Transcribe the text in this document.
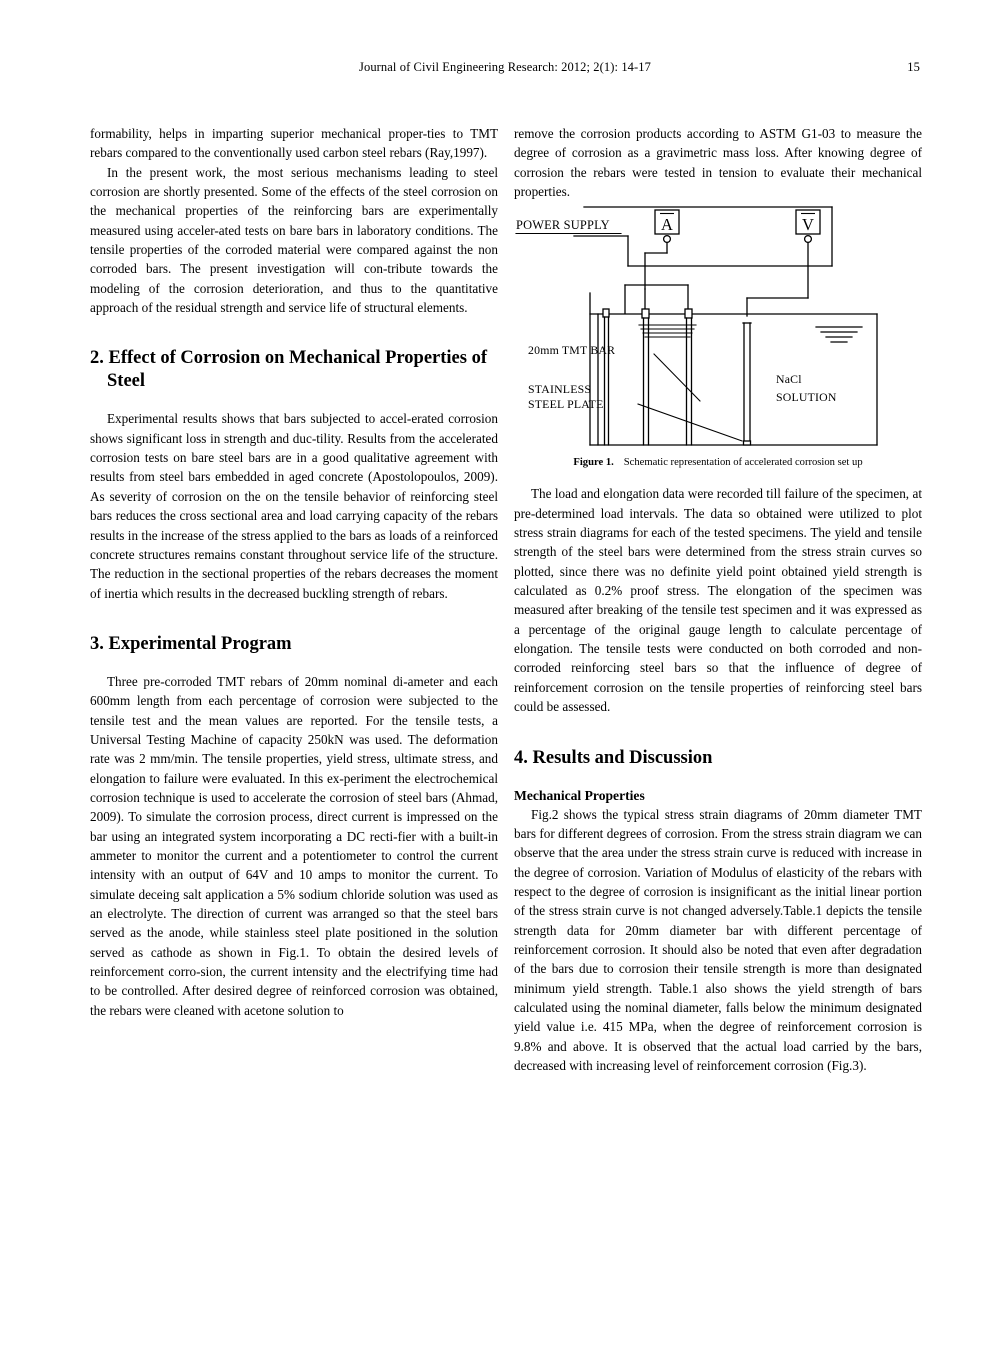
Journal of Civil Engineering Research: 2012; 2(1): 14-17	15

formability, helps in imparting superior mechanical proper-ties to TMT rebars compared to the conventionally used carbon steel rebars (Ray,1997).

In the present work, the most serious mechanisms leading to steel corrosion are shortly presented. Some of the effects of the steel corrosion on the mechanical properties of the reinforcing bars are experimentally measured using acceler-ated tests on bare bars in laboratory conditions. The tensile properties of the corroded material were compared against the non corroded bars. The present investigation will con-tribute towards the modeling of the corrosion deterioration, and thus to the quantitative approach of the residual strength and service life of structural elements.

2. Effect of Corrosion on Mechanical Properties of Steel

Experimental results shows that bars subjected to accel-erated corrosion shows significant loss in strength and duc-tility. Results from the accelerated corrosion tests on bare steel bars are in a good qualitative agreement with results from steel bars embedded in aged concrete (Apostolopoulos, 2009). As severity of corrosion on the on the tensile behavior of reinforcing steel bars reduces the cross sectional area and load carrying capacity of the rebars results in the increase of the stress applied to the bars as loads of a reinforced concrete structures remains constant throughout service life of the structure. The reduction in the sectional properties of the rebars decreases the moment of inertia which results in the decreased buckling strength of rebars.

3. Experimental Program

Three pre-corroded TMT rebars of 20mm nominal di-ameter and each 600mm length from each percentage of corrosion were subjected to the tensile test and the mean values are reported. For the tensile tests, a Universal Testing Machine of capacity 250kN was used. The deformation rate was 2 mm/min. The tensile properties, yield stress, ultimate stress, and elongation to failure were evaluated. In this ex-periment the electrochemical corrosion technique is used to accelerate the corrosion of steel bars (Ahmad, 2009). To simulate the corrosion process, direct current is impressed on the bar using an integrated system incorporating a DC recti-fier with a built-in ammeter to monitor the current and a potentiometer to control the current intensity with an output of 64V and 10 amps to monitor the current. To simulate deceing salt application a 5% sodium chloride solution was used as an electrolyte. The direction of current was arranged so that the steel bars served as the anode, while stainless steel plate positioned in the solution served as cathode as shown in Fig.1. To obtain the desired levels of reinforcement corro-sion, the current intensity and the electrifying time had to be controlled. After desired degree of reinforced corrosion was obtained, the rebars were cleaned with acetone solution to

remove the corrosion products according to ASTM G1-03 to measure the degree of corrosion as a gravimetric mass loss. After knowing degree of corrosion the rebars were tested in tension to evaluate their mechanical properties.

POWER SUPPLY	A	V
20mm TMT BAR
STAINLESS
STEEL PLATE
NaCl
SOLUTION
Figure 1. Schematic representation of accelerated corrosion set up

The load and elongation data were recorded till failure of the specimen, at pre-determined load intervals. The data so obtained were utilized to plot stress strain diagrams for each of the tested specimens. The yield and tensile strength of the steel bars were determined from the stress strain curves so plotted, since there was no definite yield point obtained yield strength is calculated as 0.2% proof stress. The elongation of the specimen was measured after breaking of the tensile test specimen and it was expressed as a percentage of the original gauge length to calculate percentage of elongation. The tensile tests were conducted on both corroded and non-corroded reinforcing steel bars so that the influence of degree of reinforcement corrosion on the tensile properties of reinforcing steel bars could be assessed.

4. Results and Discussion
Mechanical Properties

Fig.2 shows the typical stress strain diagrams of 20mm diameter TMT bars for different degrees of corrosion. From the stress strain diagram we can observe that the area under the stress strain curve is reduced with increase in the degree of corrosion. Variation of Modulus of elasticity of the rebars with respect to the degree of corrosion is insignificant as the initial linear portion of the stress strain curve is not changed adversely.Table.1 depicts the tensile strength data for 20mm diameter bar with different percentage of reinforcement corrosion. It should also be noted that even after degradation of the bars due to corrosion their tensile strength is more than designated minimum yield strength. Table.1 also shows the yield strength of bars calculated using the nominal diameter, falls below the minimum designated yield value i.e. 415 MPa, when the degree of reinforcement corrosion is 9.8% and above. It is observed that the actual load carried by the bars, decreased with increasing level of reinforcement corrosion (Fig.3).
